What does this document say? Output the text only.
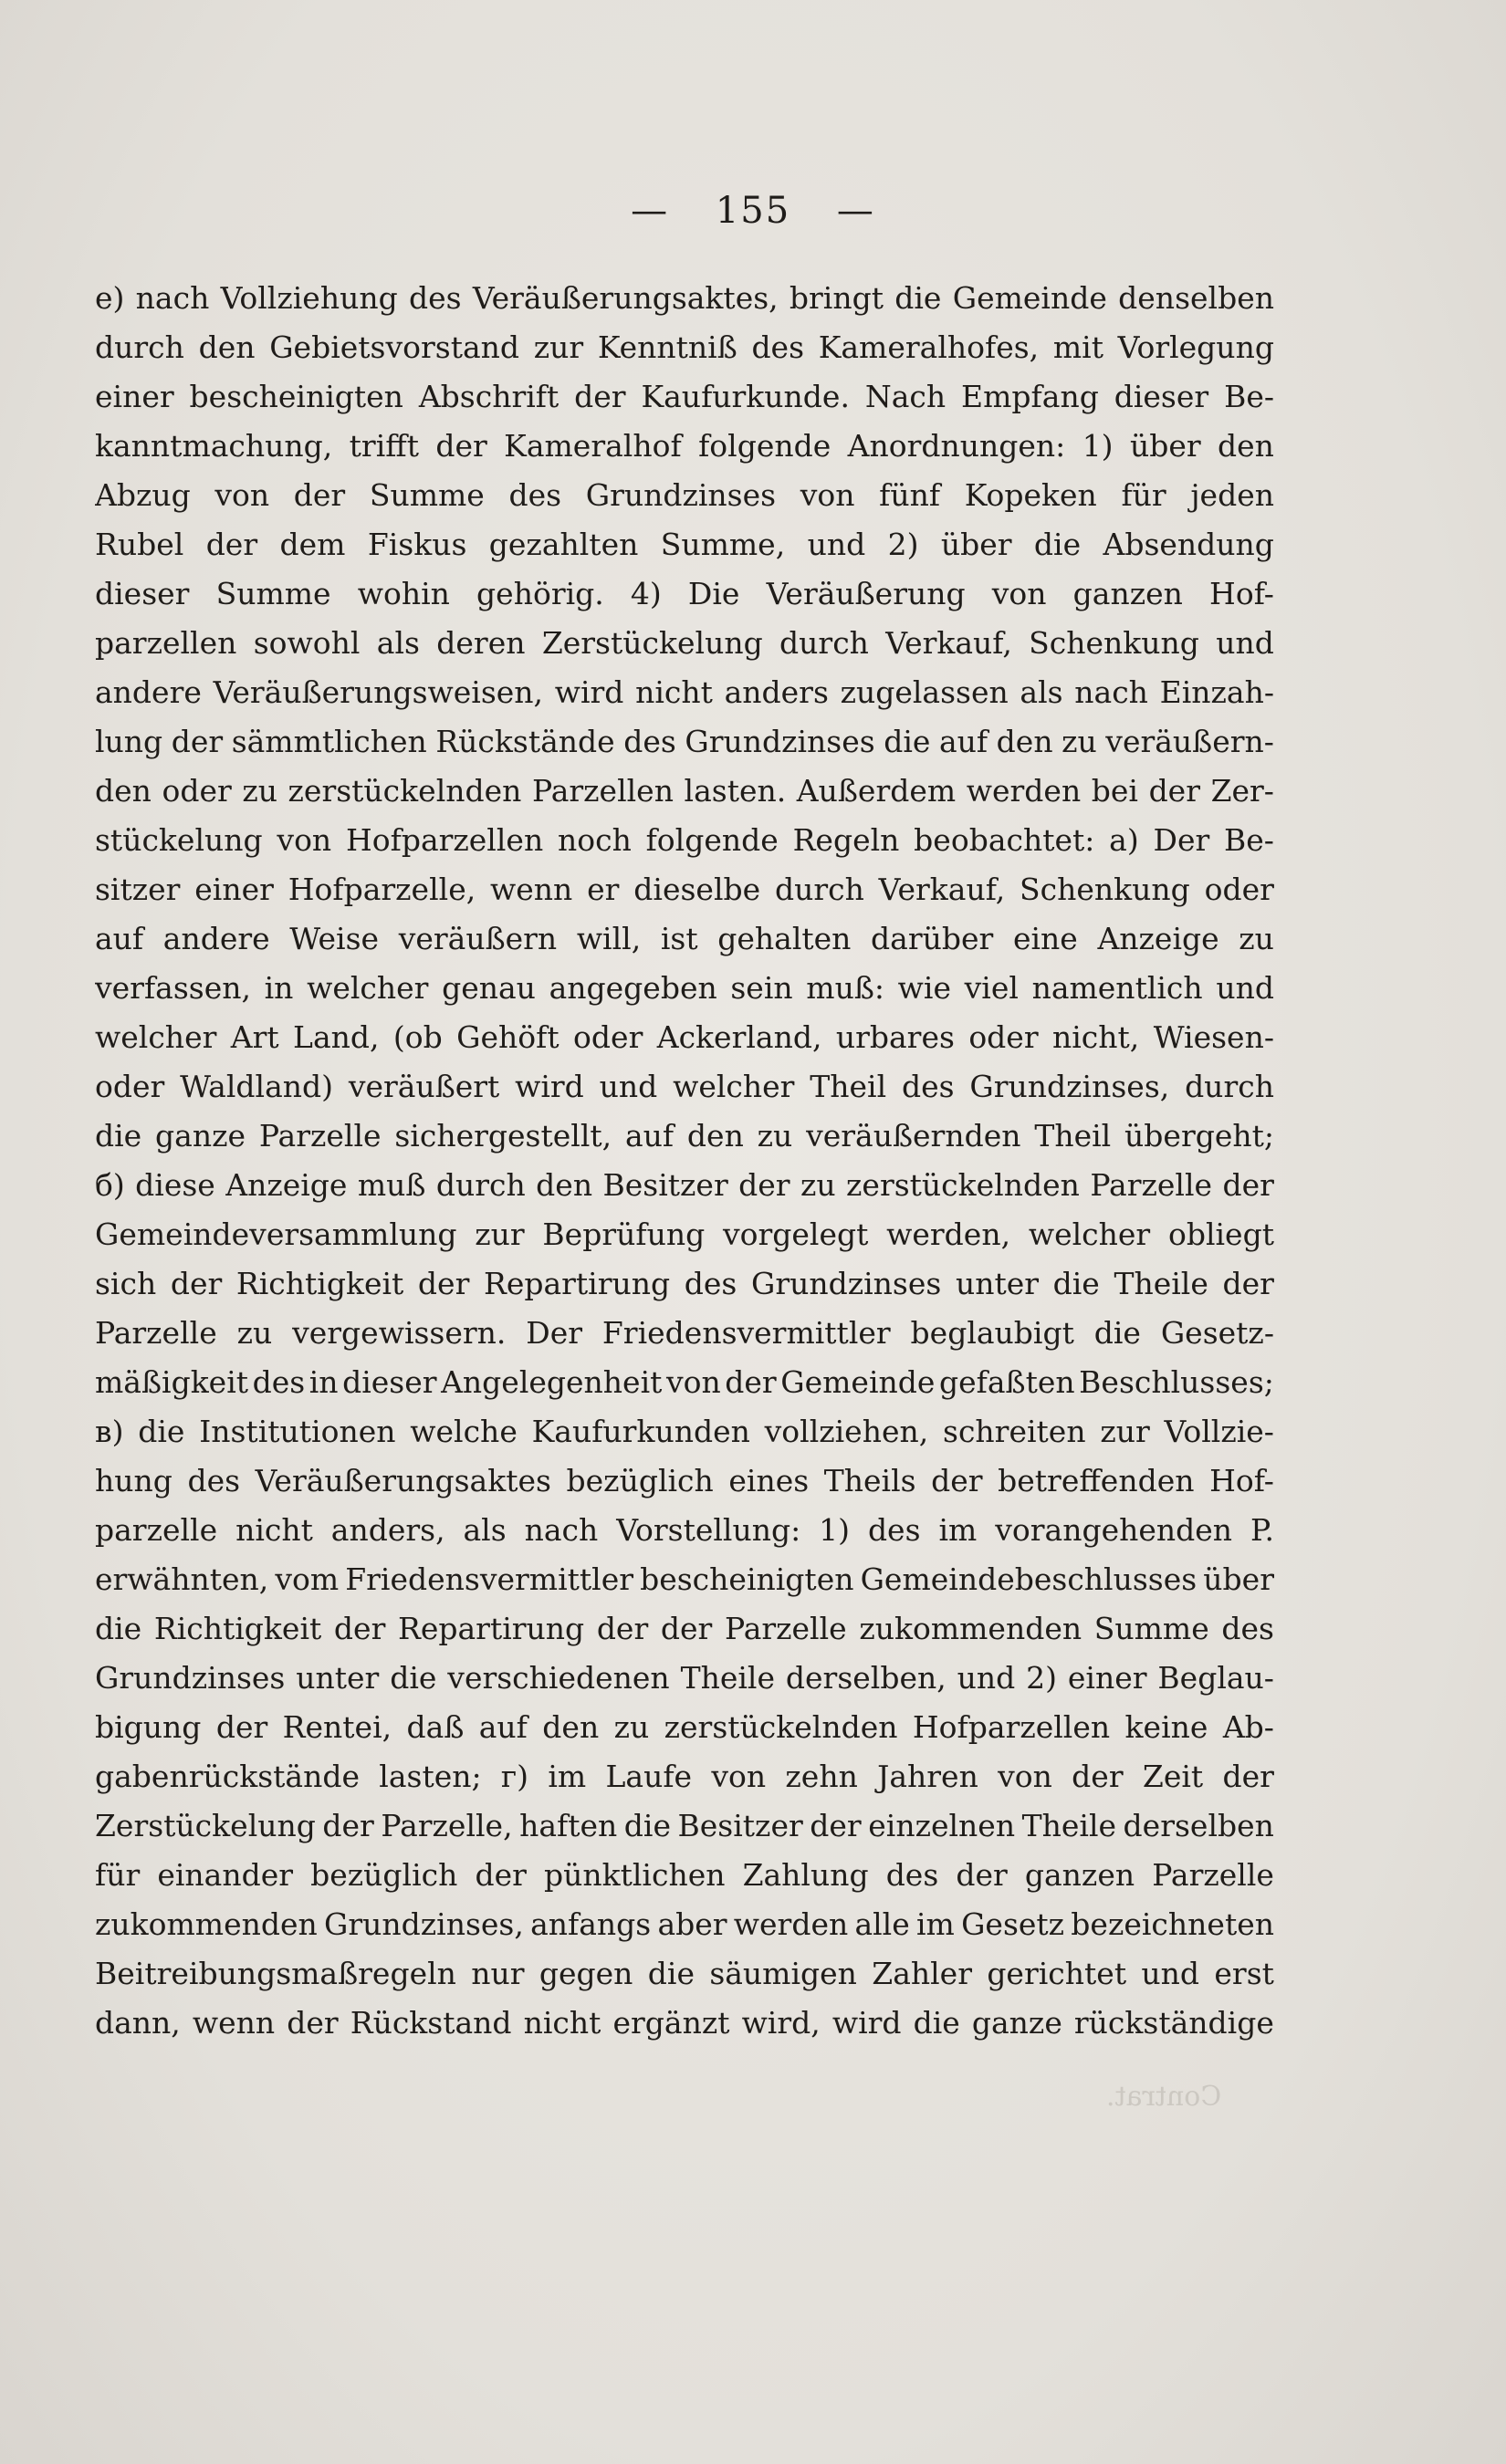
— 155 —
e) nach Vollziehung des Veräußerungsaktes, bringt die Gemeinde denselben
durch den Gebietsvorstand zur Kenntniß des Kameralhofes, mit Vorlegung
einer bescheinigten Abschrift der Kaufurkunde. Nach Empfang dieser Be-
kanntmachung, trifft der Kameralhof folgende Anordnungen: 1) über den
Abzug von der Summe des Grundzinses von fünf Kopeken für jeden
Rubel der dem Fiskus gezahlten Summe, und 2) über die Absendung
dieser Summe wohin gehörig. 4) Die Veräußerung von ganzen Hof-
parzellen sowohl als deren Zerstückelung durch Verkauf, Schenkung und
andere Veräußerungsweisen, wird nicht anders zugelassen als nach Einzah-
lung der sämmtlichen Rückstände des Grundzinses die auf den zu veräußern-
den oder zu zerstückelnden Parzellen lasten. Außerdem werden bei der Zer-
stückelung von Hofparzellen noch folgende Regeln beobachtet: a) Der Be-
sitzer einer Hofparzelle, wenn er dieselbe durch Verkauf, Schenkung oder
auf andere Weise veräußern will, ist gehalten darüber eine Anzeige zu
verfassen, in welcher genau angegeben sein muß: wie viel namentlich und
welcher Art Land, (ob Gehöft oder Ackerland, urbares oder nicht, Wiesen-
oder Waldland) veräußert wird und welcher Theil des Grundzinses, durch
die ganze Parzelle sichergestellt, auf den zu veräußernden Theil übergeht;
б) diese Anzeige muß durch den Besitzer der zu zerstückelnden Parzelle der
Gemeindeversammlung zur Beprüfung vorgelegt werden, welcher obliegt
sich der Richtigkeit der Repartirung des Grundzinses unter die Theile der
Parzelle zu vergewissern. Der Friedensvermittler beglaubigt die Gesetz-
mäßigkeit des in dieser Angelegenheit von der Gemeinde gefaßten Beschlusses;
в) die Institutionen welche Kaufurkunden vollziehen, schreiten zur Vollzie-
hung des Veräußerungsaktes bezüglich eines Theils der betreffenden Hof-
parzelle nicht anders, als nach Vorstellung: 1) des im vorangehenden P.
erwähnten, vom Friedensvermittler bescheinigten Gemeindebeschlusses über
die Richtigkeit der Repartirung der der Parzelle zukommenden Summe des
Grundzinses unter die verschiedenen Theile derselben, und 2) einer Beglau-
bigung der Rentei, daß auf den zu zerstückelnden Hofparzellen keine Ab-
gabenrückstände lasten; г) im Laufe von zehn Jahren von der Zeit der
Zerstückelung der Parzelle, haften die Besitzer der einzelnen Theile derselben
für einander bezüglich der pünktlichen Zahlung des der ganzen Parzelle
zukommenden Grundzinses, anfangs aber werden alle im Gesetz bezeichneten
Beitreibungsmaßregeln nur gegen die säumigen Zahler gerichtet und erst
dann, wenn der Rückstand nicht ergänzt wird, wird die ganze rückständige
Contrat.
